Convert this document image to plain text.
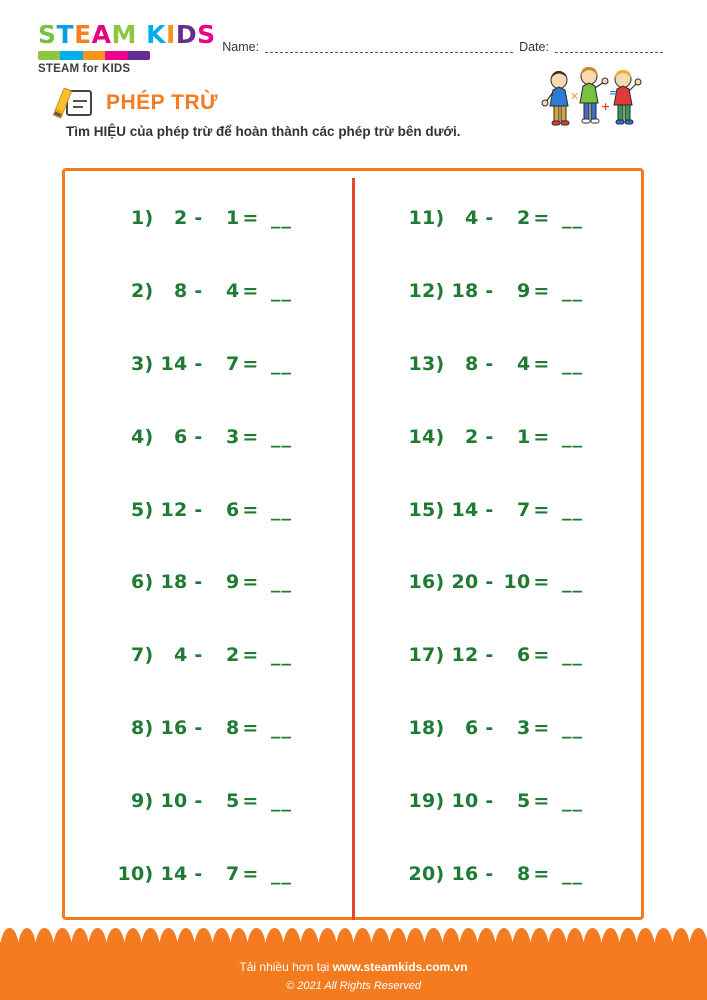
STEAM KIDS
STEAM for KIDS
Name:	Date:
PHÉP TRỪ
Tìm HIỆU của phép trừ để hoàn thành các phép trừ bên dưới.
✕
+
=
1)	2 -	1 = __
2)	8 -	4 = __
3) 14 -	7 = __
4)	6 -	3 = __
5) 12 -	6 = __
6) 18 -	9 = __
7)	4 -	2 = __
8) 16 -	8 = __
9) 10 -	5 = __
10) 14 -	7 = __
11)	4 -	2 = __
12) 18 -	9 = __
13)	8 -	4 = __
14)	2 -	1 = __
15) 14 -	7 = __
16) 20 - 10 = __
17) 12 -	6 = __
18)	6 -	3 = __
19) 10 -	5 = __
20) 16 -	8 = __
Tải nhiều hơn tại www.steamkids.com.vn
© 2021 All Rights Reserved
